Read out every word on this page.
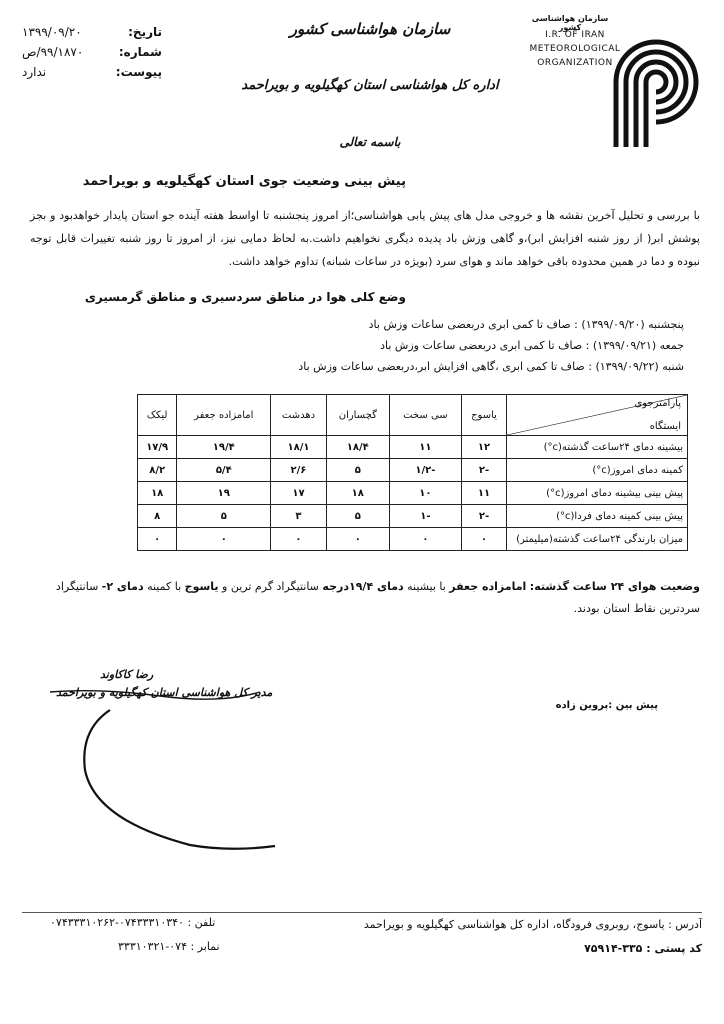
تاریخ:
۱۳۹۹/۰۹/۲۰
شماره:
۹۹/۱۸۷۰/ص
پیوست:
ندارد
سازمان هواشناسی کشور
اداره کل هواشناسی استان کهگیلویه و بویراحمد
باسمه تعالی
سازمان هواشناسی کشور
I.R. OF IRAN
METEOROLOGICAL
ORGANIZATION
پیش بینی وضعیت جوی استان کهگیلویه و بویراحمد
با بررسی و تحلیل آخرین نقشه ها و خروجی مدل های پیش یابی هواشناسی؛از امروز پنجشنبه تا اواسط هفته آینده جو استان پایدار خواهدبود و بجز پوشش ابر( از روز شنبه افزایش ابر)،و گاهی وزش باد پدیده دیگری نخواهیم داشت.به لحاظ دمایی نیز، از امروز تا روز شنبه تغییرات قابل توجه نبوده و دما در همین محدوده باقی خواهد ماند و هوای سرد (بویژه در ساعات شبانه) تداوم خواهد داشت.
وضع کلی هوا در مناطق سردسیری و مناطق گرمسیری
پنجشنبه (۱۳۹۹/۰۹/۲۰) : صاف تا کمی ابری دربعضی ساعات وزش باد
جمعه (۱۳۹۹/۰۹/۲۱) : صاف تا کمی ابری دربعضی ساعات وزش باد
شنبه (۱۳۹۹/۰۹/۲۲) : صاف تا کمی ابری ،گاهی افزایش ابر،دربعضی ساعات وزش باد
پارامترجوی
ایستگاه	یاسوج	سی سخت	گچساران	دهدشت	امامزاده جعفر	لیکک
بیشینه دمای ۲۴ساعت گذشته(c°)	۱۲	۱۱	۱۸/۴	۱۸/۱	۱۹/۴	۱۷/۹
کمینه دمای امروز(c°)	-۲	-۱/۲	۵	۲/۶	۵/۴	۸/۲
پیش بینی بیشینه دمای امروز(c°)	۱۱	۱۰	۱۸	۱۷	۱۹	۱۸
پیش بینی کمینه دمای فردا(c°)	-۲	-۱	۵	۳	۵	۸
میزان بارندگی ۲۴ساعت گذشته(میلیمتر)	۰	۰	۰	۰	۰	۰
وضعیت هوای ۲۴ ساعت گذشته: امامزاده جعفر با بیشینه دمای ۱۹/۴درجه سانتیگراد گرم ترین و یاسوج با کمینه دمای ۲- سانتیگراد سردترین نقاط استان بودند.
رضا کاکاوند
مدیر کل هواشناسی استان کهگیلویه و بویراحمد
پیش بین :پروین زاده
آدرس : یاسوج، روبروی فرودگاه، اداره کل هواشناسی کهگیلویه و بویراحمد
کد پستی : ۳۳۵-۷۵۹۱۴
تلفن : ۰۷۴۳۳۳۱۰۳۴۰-۰۷۴۳۳۳۱۰۲۶۲
نمابر : ۰۷۴-۳۳۳۱۰۳۲۱
